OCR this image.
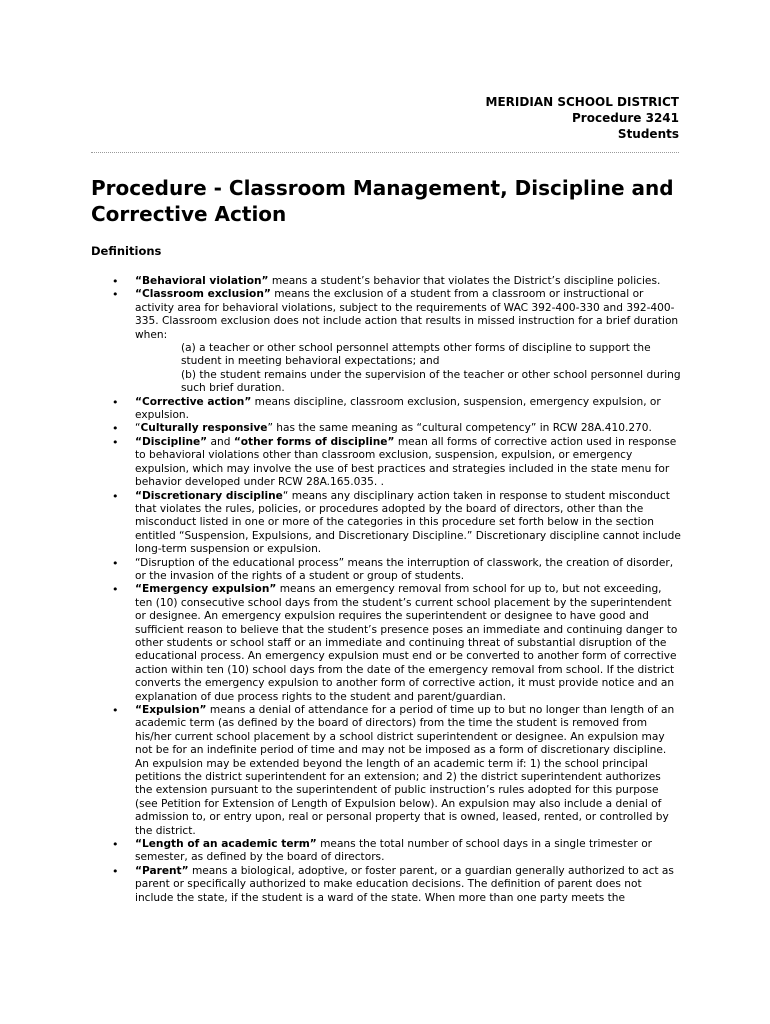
MERIDIAN SCHOOL DISTRICT
Procedure 3241
Students
Procedure - Classroom Management, Discipline and Corrective Action
Definitions
• “Behavioral violation” means a student’s behavior that violates the District’s discipline policies.
• “Classroom exclusion” means the exclusion of a student from a classroom or instructional or activity area for behavioral violations, subject to the requirements of WAC 392-400-330 and 392-400-335. Classroom exclusion does not include action that results in missed instruction for a brief duration when:
(a) a teacher or other school personnel attempts other forms of discipline to support the student in meeting behavioral expectations; and
(b) the student remains under the supervision of the teacher or other school personnel during such brief duration.
• “Corrective action” means discipline, classroom exclusion, suspension, emergency expulsion, or expulsion.
• “Culturally responsive” has the same meaning as “cultural competency” in RCW 28A.410.270.
• “Discipline” and “other forms of discipline” mean all forms of corrective action used in response to behavioral violations other than classroom exclusion, suspension, expulsion, or emergency expulsion, which may involve the use of best practices and strategies included in the state menu for behavior developed under RCW 28A.165.035. .
• “Discretionary discipline“ means any disciplinary action taken in response to student misconduct that violates the rules, policies, or procedures adopted by the board of directors, other than the misconduct listed in one or more of the categories in this procedure set forth below in the section entitled “Suspension, Expulsions, and Discretionary Discipline.” Discretionary discipline cannot include long-term suspension or expulsion.
• “Disruption of the educational process” means the interruption of classwork, the creation of disorder, or the invasion of the rights of a student or group of students.
• “Emergency expulsion” means an emergency removal from school for up to, but not exceeding, ten (10) consecutive school days from the student’s current school placement by the superintendent or designee. An emergency expulsion requires the superintendent or designee to have good and sufficient reason to believe that the student’s presence poses an immediate and continuing danger to other students or school staff or an immediate and continuing threat of substantial disruption of the educational process. An emergency expulsion must end or be converted to another form of corrective action within ten (10) school days from the date of the emergency removal from school. If the district converts the emergency expulsion to another form of corrective action, it must provide notice and an explanation of due process rights to the student and parent/guardian.
• “Expulsion” means a denial of attendance for a period of time up to but no longer than length of an academic term (as defined by the board of directors) from the time the student is removed from his/her current school placement by a school district superintendent or designee. An expulsion may not be for an indefinite period of time and may not be imposed as a form of discretionary discipline. An expulsion may be extended beyond the length of an academic term if: 1) the school principal petitions the district superintendent for an extension; and 2) the district superintendent authorizes the extension pursuant to the superintendent of public instruction’s rules adopted for this purpose (see Petition for Extension of Length of Expulsion below). An expulsion may also include a denial of admission to, or entry upon, real or personal property that is owned, leased, rented, or controlled by the district.
• “Length of an academic term” means the total number of school days in a single trimester or semester, as defined by the board of directors.
• “Parent” means a biological, adoptive, or foster parent, or a guardian generally authorized to act as parent or specifically authorized to make education decisions. The definition of parent does not include the state, if the student is a ward of the state. When more than one party meets the
